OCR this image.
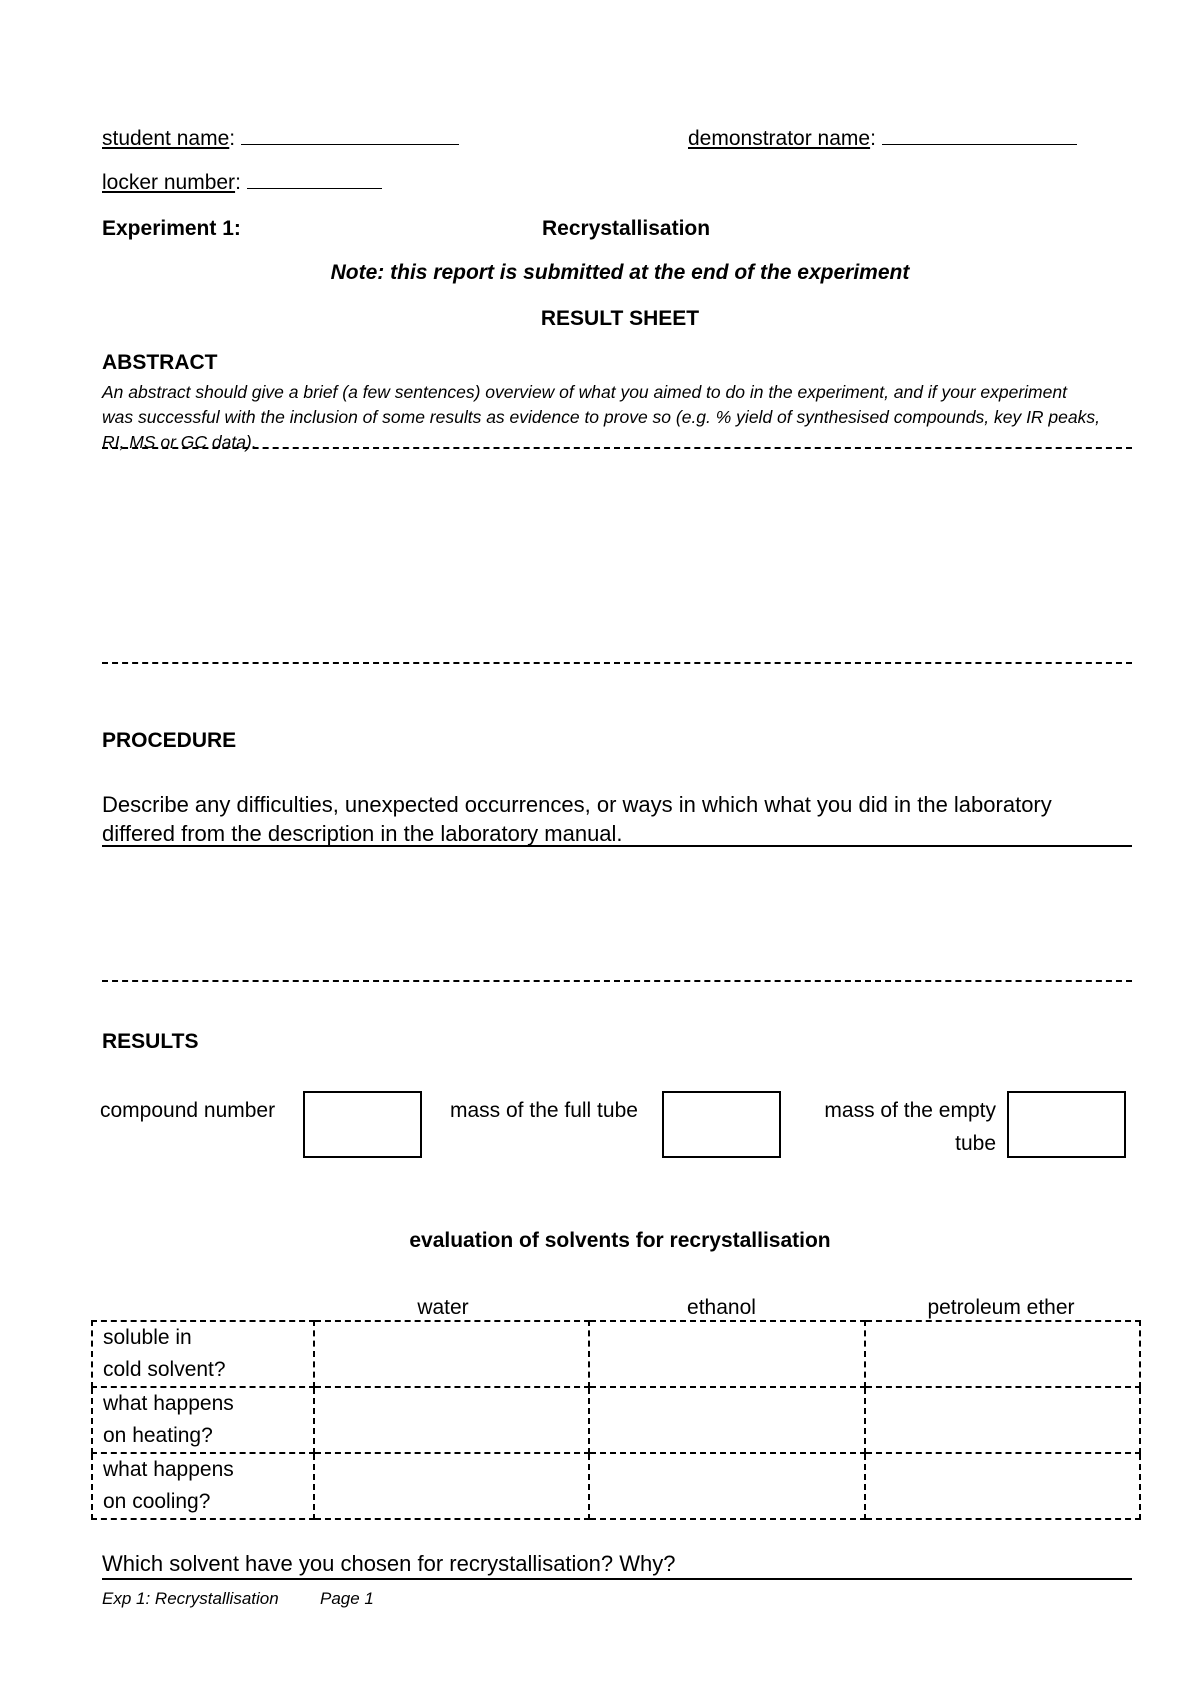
student name:	demonstrator name:
locker number:
Experiment 1:	Recrystallisation
Note: this report is submitted at the end of the experiment
RESULT SHEET
ABSTRACT
An abstract should give a brief (a few sentences) overview of what you aimed to do in the experiment, and if your experiment
was successful with the inclusion of some results as evidence to prove so (e.g. % yield of synthesised compounds, key IR peaks,
RI, MS or GC data).
PROCEDURE
Describe any difficulties, unexpected occurrences, or ways in which what you did in the laboratory
differed from the description in the laboratory manual.
RESULTS
compound number	mass of the full tube	mass of the empty
tube
evaluation of solvents for recrystallisation
water	ethanol	petroleum ether
soluble in
cold solvent?			

what happens
on heating?			

what happens
on cooling?			

Which solvent have you chosen for recrystallisation? Why?
Exp 1: Recrystallisation Page 1
